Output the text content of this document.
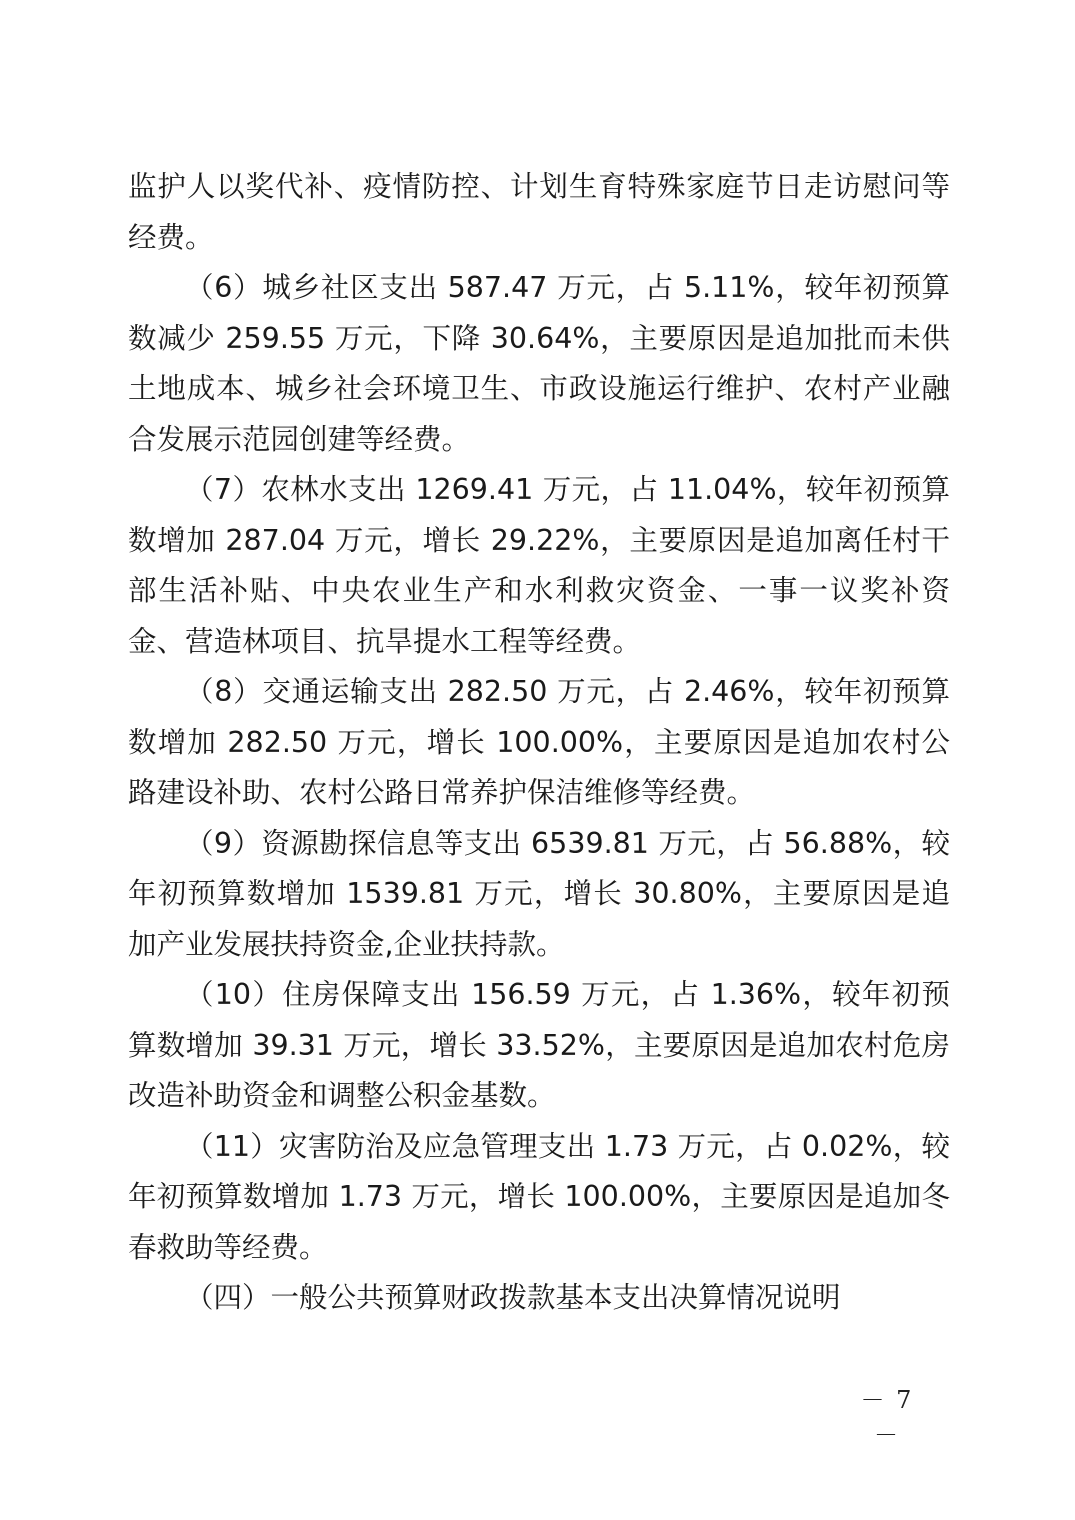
监护人以奖代补、疫情防控、计划生育特殊家庭节日走访慰问等经费。

（6）城乡社区支出 587.47 万元，占 5.11%，较年初预算数减少 259.55 万元，下降 30.64%，主要原因是追加批而未供土地成本、城乡社会环境卫生、市政设施运行维护、农村产业融合发展示范园创建等经费。

（7）农林水支出 1269.41 万元，占 11.04%，较年初预算数增加 287.04 万元，增长 29.22%，主要原因是追加离任村干部生活补贴、中央农业生产和水利救灾资金、一事一议奖补资金、营造林项目、抗旱提水工程等经费。

（8）交通运输支出 282.50 万元，占 2.46%，较年初预算数增加 282.50 万元，增长 100.00%，主要原因是追加农村公路建设补助、农村公路日常养护保洁维修等经费。

（9）资源勘探信息等支出 6539.81 万元，占 56.88%，较年初预算数增加 1539.81 万元，增长 30.80%，主要原因是追加产业发展扶持资金,企业扶持款。

（10）住房保障支出 156.59 万元，占 1.36%，较年初预算数增加 39.31 万元，增长 33.52%，主要原因是追加农村危房改造补助资金和调整公积金基数。

（11）灾害防治及应急管理支出 1.73 万元，占 0.02%，较年初预算数增加 1.73 万元，增长 100.00%，主要原因是追加冬春救助等经费。

（四）一般公共预算财政拨款基本支出决算情况说明

－ 7 －
